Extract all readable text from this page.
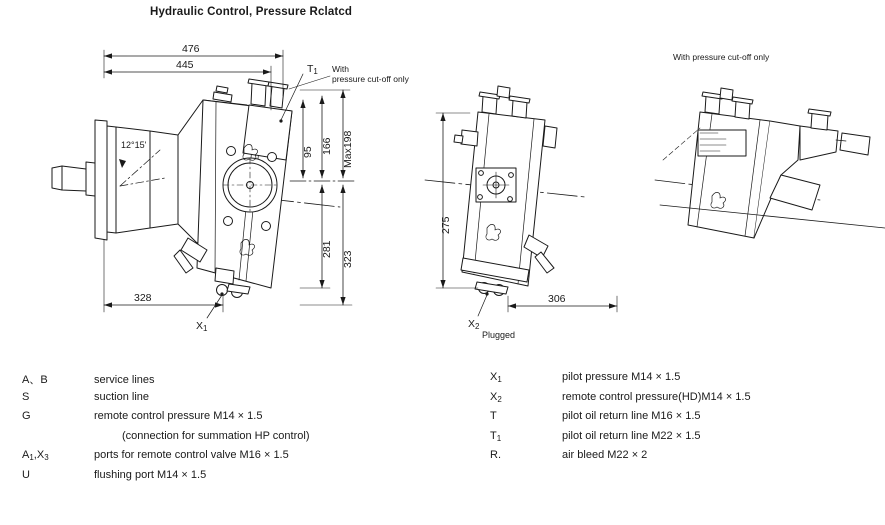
Hydraulic Control, Pressure Rclatcd
476
445
328
12°15'
95 166 Max198
281
323
275
306
$T_1$
$X_1$	$X_2$
Plugged
With
pressure cut-off only
With pressure cut-off only
A、B	service lines
S	suction line
G	remote control pressure M14 × 1.5
(connection for summation HP control)
$A_1,X_3$	ports for remote control valve M16 × 1.5
U	flushing port M14 × 1.5
$X_1$	pilot pressure M14 × 1.5
$X_2$	remote control pressure(HD)M14 × 1.5
T	pilot oil return line M16 × 1.5
$T_1$	pilot oil return line M22 × 1.5
R.	air bleed M22 × 2
